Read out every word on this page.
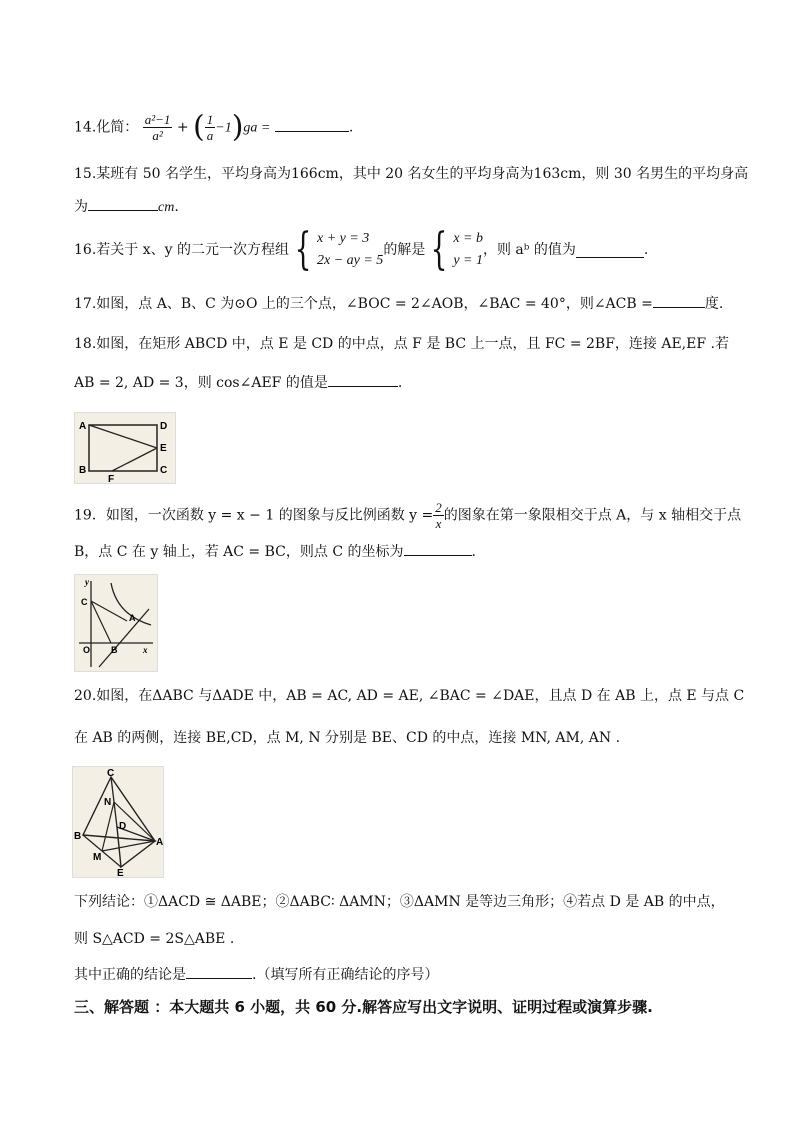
14.化简： $\frac{\text{a²−1}}{\text{a²}}$ + ( $\frac{1}{a} -1)ga$ =	.
15.某班有 50 名学生，平均身高为166cm，其中 20 名女生的平均身高为163cm，则 30 名男生的平均身高
为	cm.
16.若关于 x、y 的二元一次方程组 { x + y = 3
2x − ay = 5的解是 { x = b
y = 1，则 aᵇ 的值为	.
17.如图，点 A、B、C 为⊙O 上的三个点，∠BOC = 2∠AOB，∠BAC = 40°，则∠ACB =	度.
18.如图，在矩形 ABCD 中，点 E 是 CD 的中点，点 F 是 BC 上一点，且 FC = 2BF，连接 AE,EF .若
AB = 2, AD = 3，则 cos∠AEF 的值是	.
A
B	C
D
E
F
19．如图，一次函数 y = x − 1 的图象与反比例函数 $y = \frac{2}{x}$ 的图象在第一象限相交于点 A，与 x 轴相交于点
B，点 C 在 y 轴上，若 AC = BC，则点 C 的坐标为	.
y
C
A
O B	x
20.如图，在ΔABC 与ΔADE 中，AB = AC, AD = AE, ∠BAC = ∠DAE，且点 D 在 AB 上，点 E 与点 C
在 AB 的两侧，连接 BE,CD，点 M, N 分别是 BE、CD 的中点，连接 MN, AM, AN .
C
N
D
B
A
M
E
下列结论：①ΔACD ≅ ΔABE；②ΔABC∶ ΔAMN；③ΔAMN 是等边三角形；④若点 D 是 AB 的中点，
则 S△ACD = 2S△ABE .
其中正确的结论是	.（填写所有正确结论的序号）
三、解答题 ：本大题共 6 小题，共 60 分.解答应写出文字说明、证明过程或演算步骤.
